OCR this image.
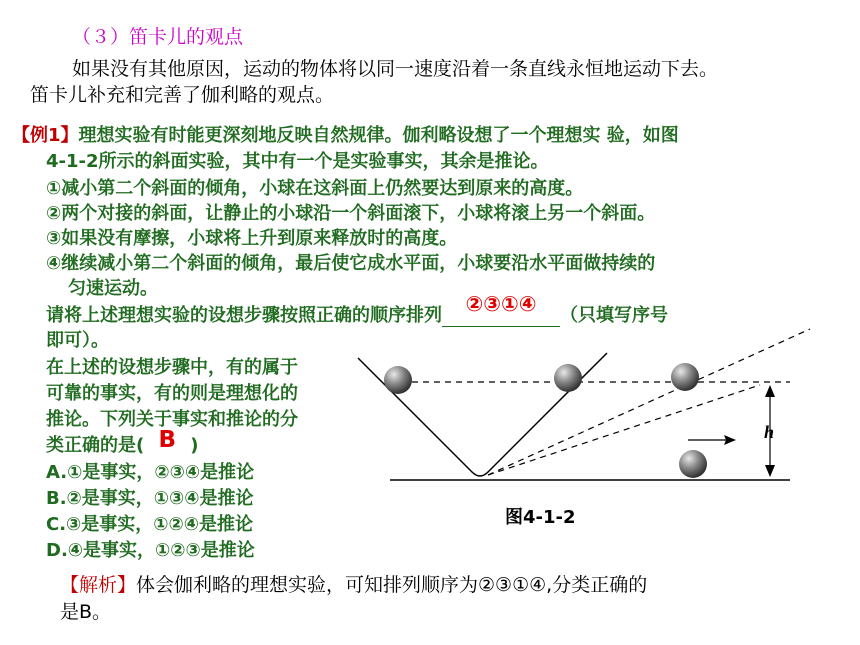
（３）笛卡儿的观点
如果没有其他原因，运动的物体将以同一速度沿着一条直线永恒地运动下去。
笛卡儿补充和完善了伽利略的观点。
【例1】理想实验有时能更深刻地反映自然规律。伽利略设想了一个理想实 验，如图
4-1-2所示的斜面实验，其中有一个是实验事实，其余是推论。
①减小第二个斜面的倾角，小球在这斜面上仍然要达到原来的高度。
②两个对接的斜面，让静止的小球沿一个斜面滚下，小球将滚上另一个斜面。
③如果没有摩擦，小球将上升到原来释放时的高度。
④继续减小第二个斜面的倾角，最后使它成水平面，小球要沿水平面做持续的
匀速运动。
请将上述理想实验的设想步骤按照正确的顺序排列	②③①④	（只填写序号
即可）。
在上述的设想步骤中，有的属于
可靠的事实，有的则是理想化的
推论。下列关于事实和推论的分
类正确的是( B )
A.①是事实，②③④是推论
B.②是事实，①③④是推论
C.③是事实，①②④是推论
D.④是事实，①②③是推论
h
图4-1-2
【解析】体会伽利略的理想实验，可知排列顺序为②③①④,分类正确的
是B。
